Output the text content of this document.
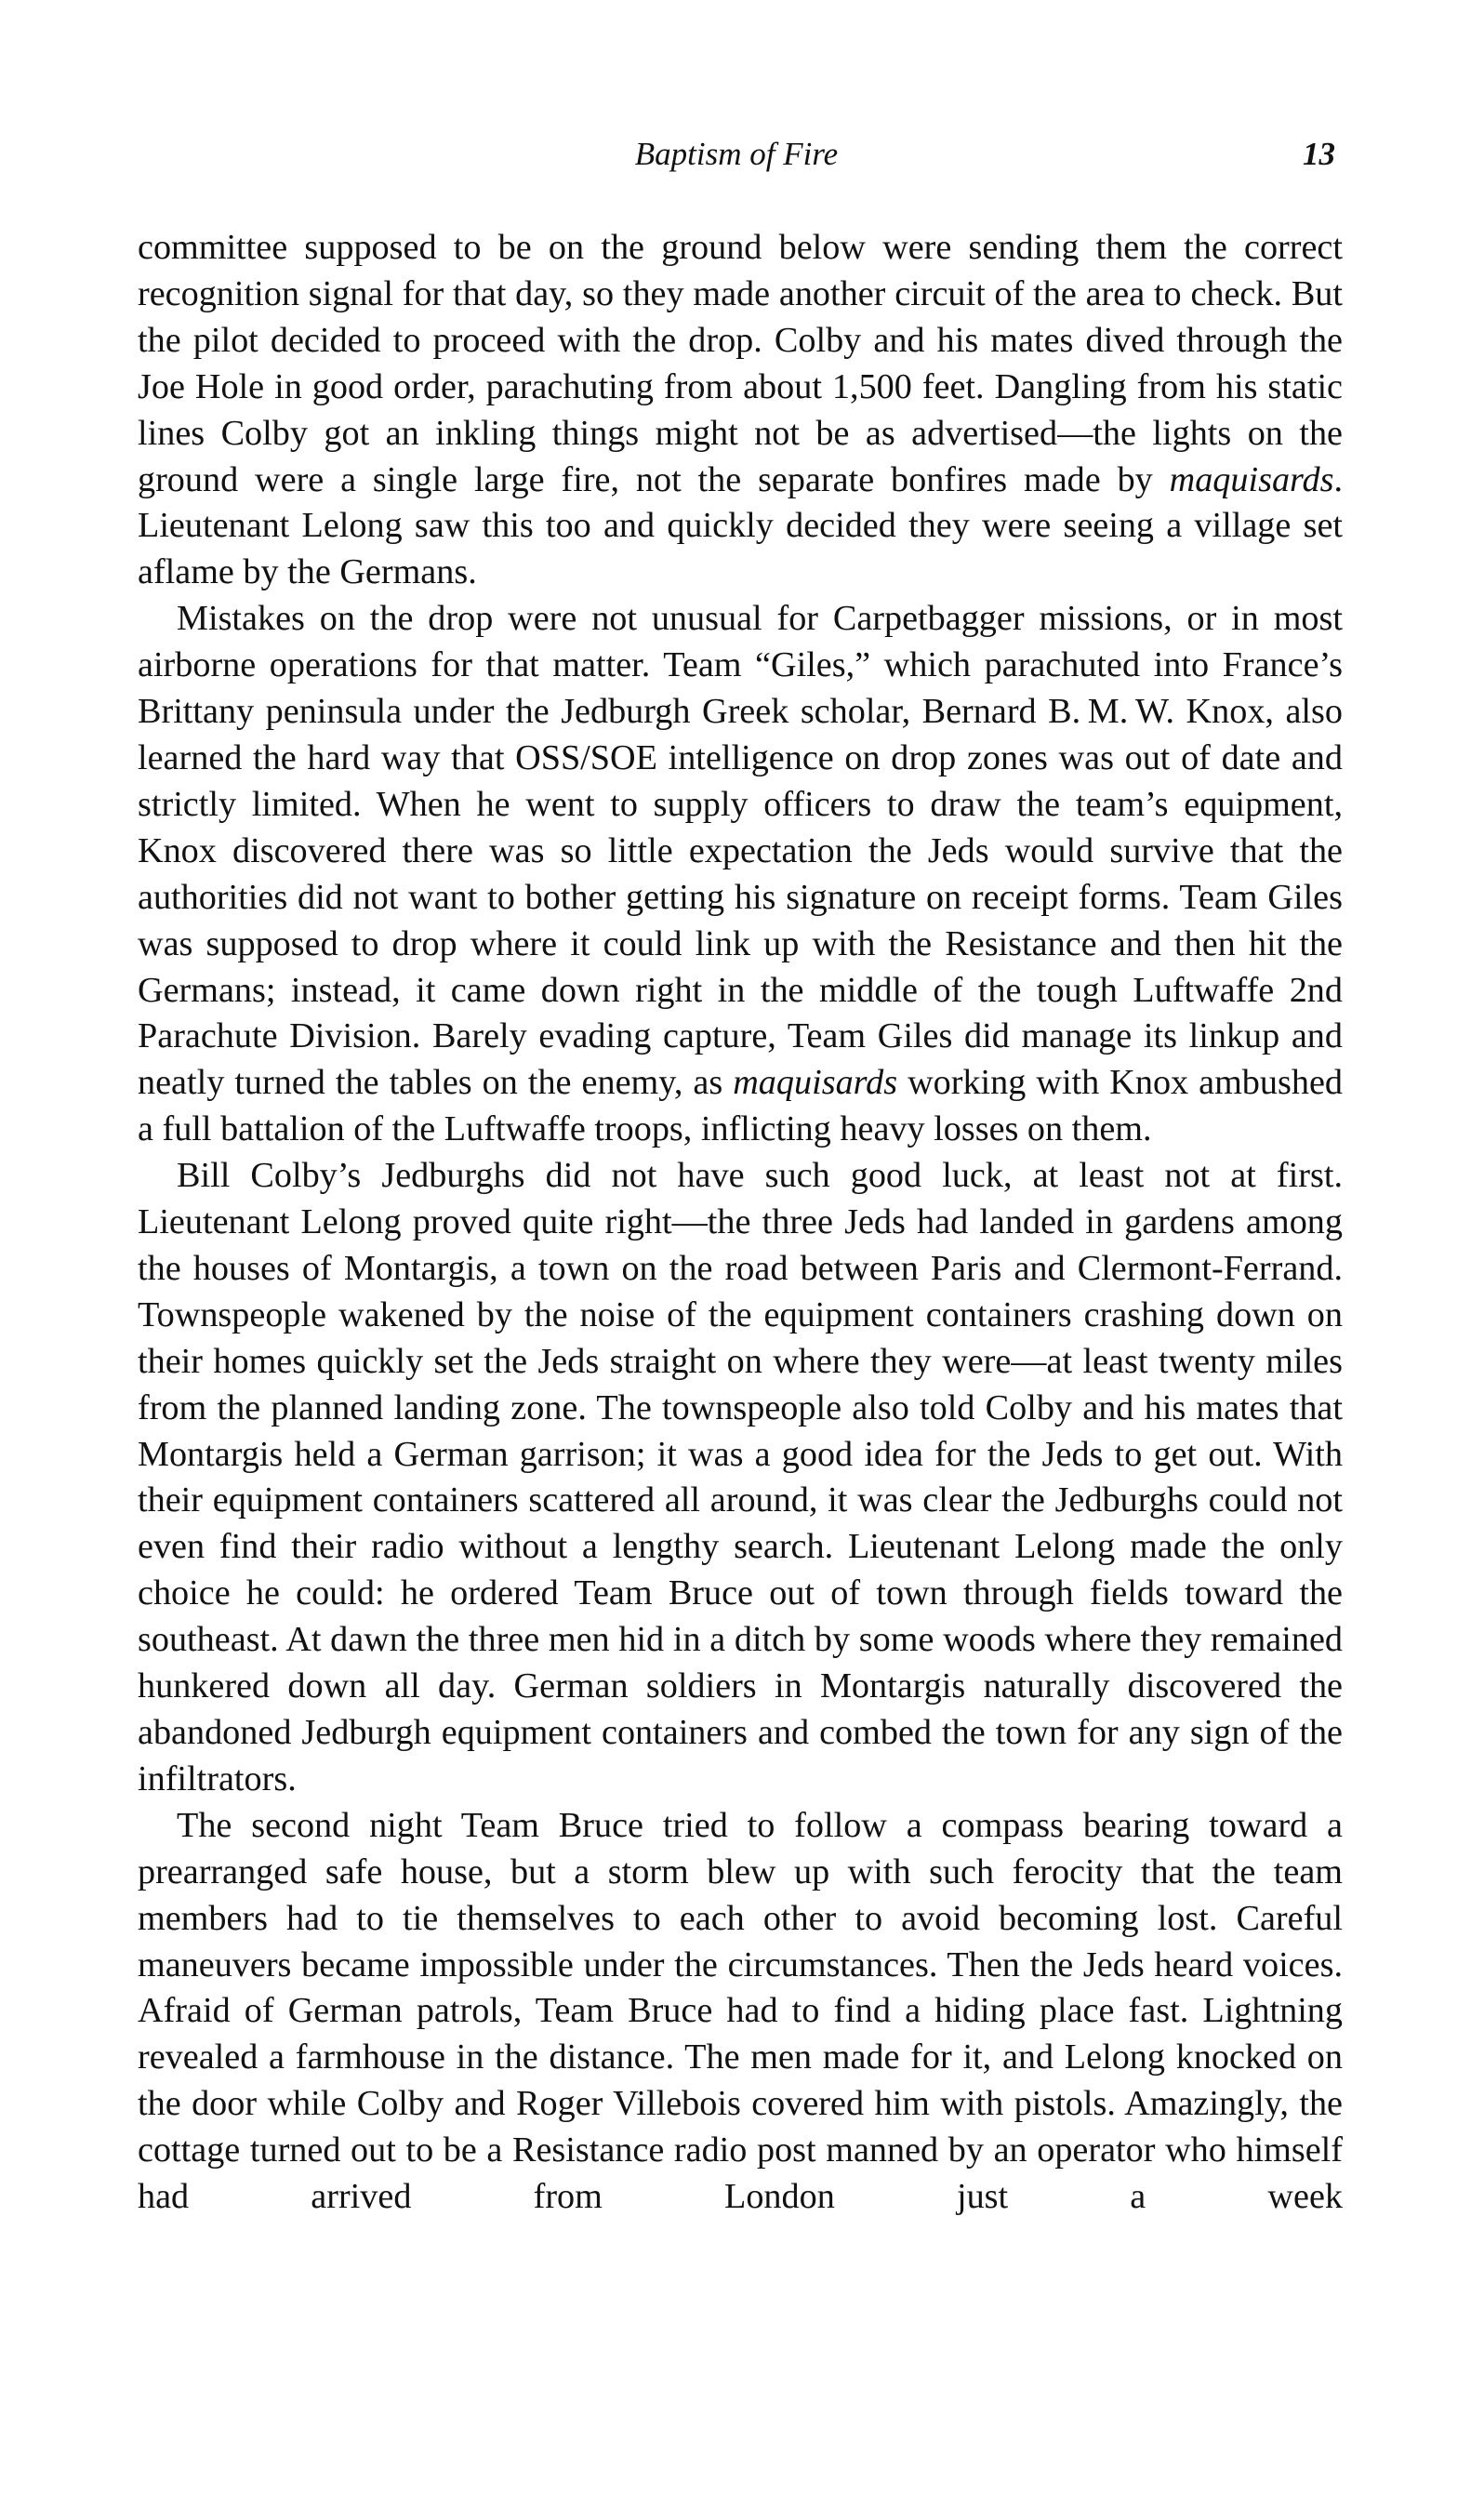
Baptism of Fire	13

committee supposed to be on the ground below were sending them the correct recognition signal for that day, so they made another circuit of the area to check. But the pilot decided to proceed with the drop. Colby and his mates dived through the Joe Hole in good order, parachuting from about 1,500 feet. Dangling from his static lines Colby got an inkling things might not be as advertised—the lights on the ground were a single large fire, not the separate bonfires made by maquisards. Lieutenant Lelong saw this too and quickly decided they were seeing a village set aflame by the Germans.

Mistakes on the drop were not unusual for Carpetbagger missions, or in most airborne operations for that matter. Team “Giles,” which parachuted into France’s Brittany peninsula under the Jedburgh Greek scholar, Bernard B. M. W. Knox, also learned the hard way that OSS/SOE intelligence on drop zones was out of date and strictly limited. When he went to supply officers to draw the team’s equipment, Knox discovered there was so little expectation the Jeds would survive that the authorities did not want to bother getting his signature on receipt forms. Team Giles was supposed to drop where it could link up with the Resistance and then hit the Germans; instead, it came down right in the middle of the tough Luftwaffe 2nd Parachute Division. Barely evading capture, Team Giles did manage its linkup and neatly turned the tables on the enemy, as maquisards working with Knox ambushed a full battalion of the Luftwaffe troops, inflicting heavy losses on them.

Bill Colby’s Jedburghs did not have such good luck, at least not at first. Lieutenant Lelong proved quite right—the three Jeds had landed in gardens among the houses of Montargis, a town on the road between Paris and Clermont-Ferrand. Townspeople wakened by the noise of the equipment containers crashing down on their homes quickly set the Jeds straight on where they were—at least twenty miles from the planned landing zone. The townspeople also told Colby and his mates that Montargis held a German garrison; it was a good idea for the Jeds to get out. With their equipment containers scattered all around, it was clear the Jedburghs could not even find their radio without a lengthy search. Lieutenant Lelong made the only choice he could: he ordered Team Bruce out of town through fields toward the southeast. At dawn the three men hid in a ditch by some woods where they remained hunkered down all day. German soldiers in Montargis naturally discovered the abandoned Jedburgh equipment containers and combed the town for any sign of the infiltrators.

The second night Team Bruce tried to follow a compass bearing toward a prearranged safe house, but a storm blew up with such ferocity that the team members had to tie themselves to each other to avoid becoming lost. Careful maneuvers became impossible under the circumstances. Then the Jeds heard voices. Afraid of German patrols, Team Bruce had to find a hiding place fast. Lightning revealed a farmhouse in the distance. The men made for it, and Lelong knocked on the door while Colby and Roger Villebois covered him with pistols. Amazingly, the cottage turned out to be a Resistance radio post manned by an operator who himself had arrived from London just a week
